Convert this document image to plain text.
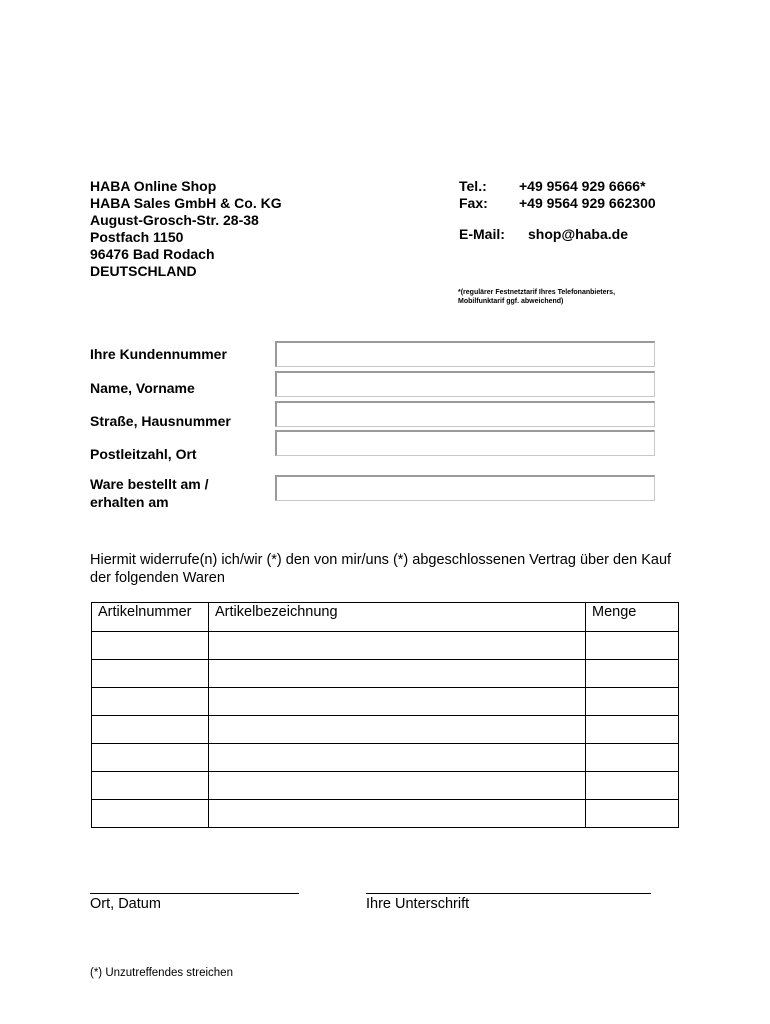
HABA Online Shop
HABA Sales GmbH & Co. KG
August-Grosch-Str. 28-38
Postfach 1150
96476 Bad Rodach
DEUTSCHLAND
Tel.: +49 9564 929 6666*
Fax: +49 9564 929 662300
E-Mail: shop@haba.de
*(regulärer Festnetztarif Ihres Telefonanbieters,
Mobilfunktarif ggf. abweichend)
Ihre Kundennummer
Name, Vorname
Straße, Hausnummer
Postleitzahl, Ort
Ware bestellt am /
erhalten am
Hiermit widerrufe(n) ich/wir (*) den von mir/uns (*) abgeschlossenen Vertrag über den Kauf der folgenden Waren
Artikelnummer	Artikelbezeichnung	Menge

Ort, Datum	Ihre Unterschrift
(*) Unzutreffendes streichen
